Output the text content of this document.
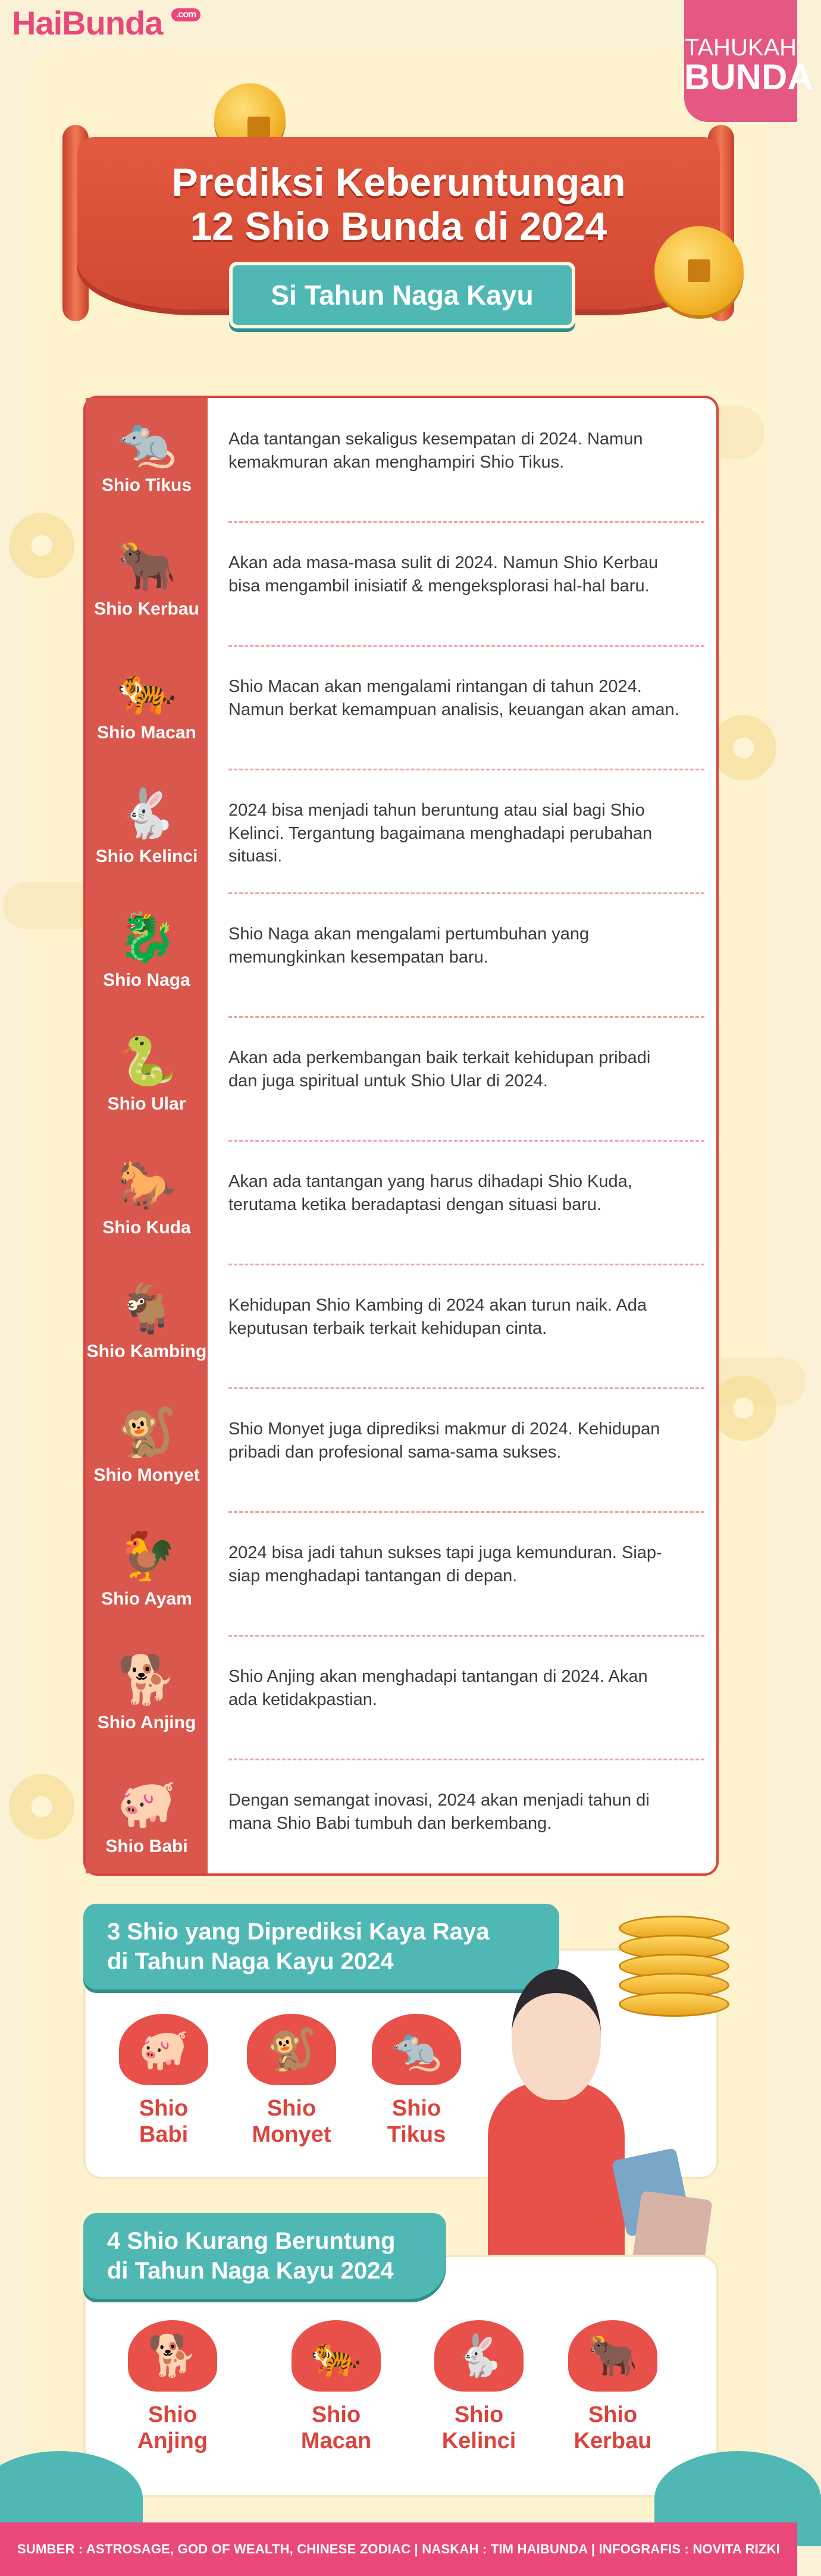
HaiBunda	.com
TAHUKAH
BUNDA
Prediksi Keberuntungan
12 Shio Bunda di 2024
Si Tahun Naga Kayu
🐀
Shio Tikus
Ada tantangan sekaligus kesempatan di 2024. Namun kemakmuran akan menghampiri Shio Tikus.
🐂
Shio Kerbau
Akan ada masa-masa sulit di 2024. Namun Shio Kerbau bisa mengambil inisiatif & mengeksplorasi hal-hal baru.
🐅
Shio Macan
Shio Macan akan mengalami rintangan di tahun 2024. Namun berkat kemampuan analisis, keuangan akan aman.
🐇
Shio Kelinci
2024 bisa menjadi tahun beruntung atau sial bagi Shio Kelinci. Tergantung bagaimana menghadapi perubahan situasi.
🐉
Shio Naga
Shio Naga akan mengalami pertumbuhan yang memungkinkan kesempatan baru.
🐍
Shio Ular
Akan ada perkembangan baik terkait kehidupan pribadi dan juga spiritual untuk Shio Ular di 2024.
🐎
Shio Kuda
Akan ada tantangan yang harus dihadapi Shio Kuda, terutama ketika beradaptasi dengan situasi baru.
🐐
Shio Kambing
Kehidupan Shio Kambing di 2024 akan turun naik. Ada keputusan terbaik terkait kehidupan cinta.
🐒
Shio Monyet
Shio Monyet juga diprediksi makmur di 2024. Kehidupan pribadi dan profesional sama-sama sukses.
🐓
Shio Ayam
2024 bisa jadi tahun sukses tapi juga kemunduran. Siap-siap menghadapi tantangan di depan.
🐕
Shio Anjing
Shio Anjing akan menghadapi tantangan di 2024. Akan ada ketidakpastian.
🐖
Shio Babi
Dengan semangat inovasi, 2024 akan menjadi tahun di mana Shio Babi tumbuh dan berkembang.
3 Shio yang Diprediksi Kaya Raya
di Tahun Naga Kayu 2024
🐖
Shio
Babi
🐒
Shio
Monyet
🐀
Shio
Tikus
4 Shio Kurang Beruntung
di Tahun Naga Kayu 2024
🐕
Shio
Anjing
🐅
Shio
Macan
🐇
Shio
Kelinci
🐂
Shio
Kerbau
SUMBER : ASTROSAGE, GOD OF WEALTH, CHINESE ZODIAC | NASKAH : TIM HAIBUNDA | INFOGRAFIS : NOVITA RIZKI
